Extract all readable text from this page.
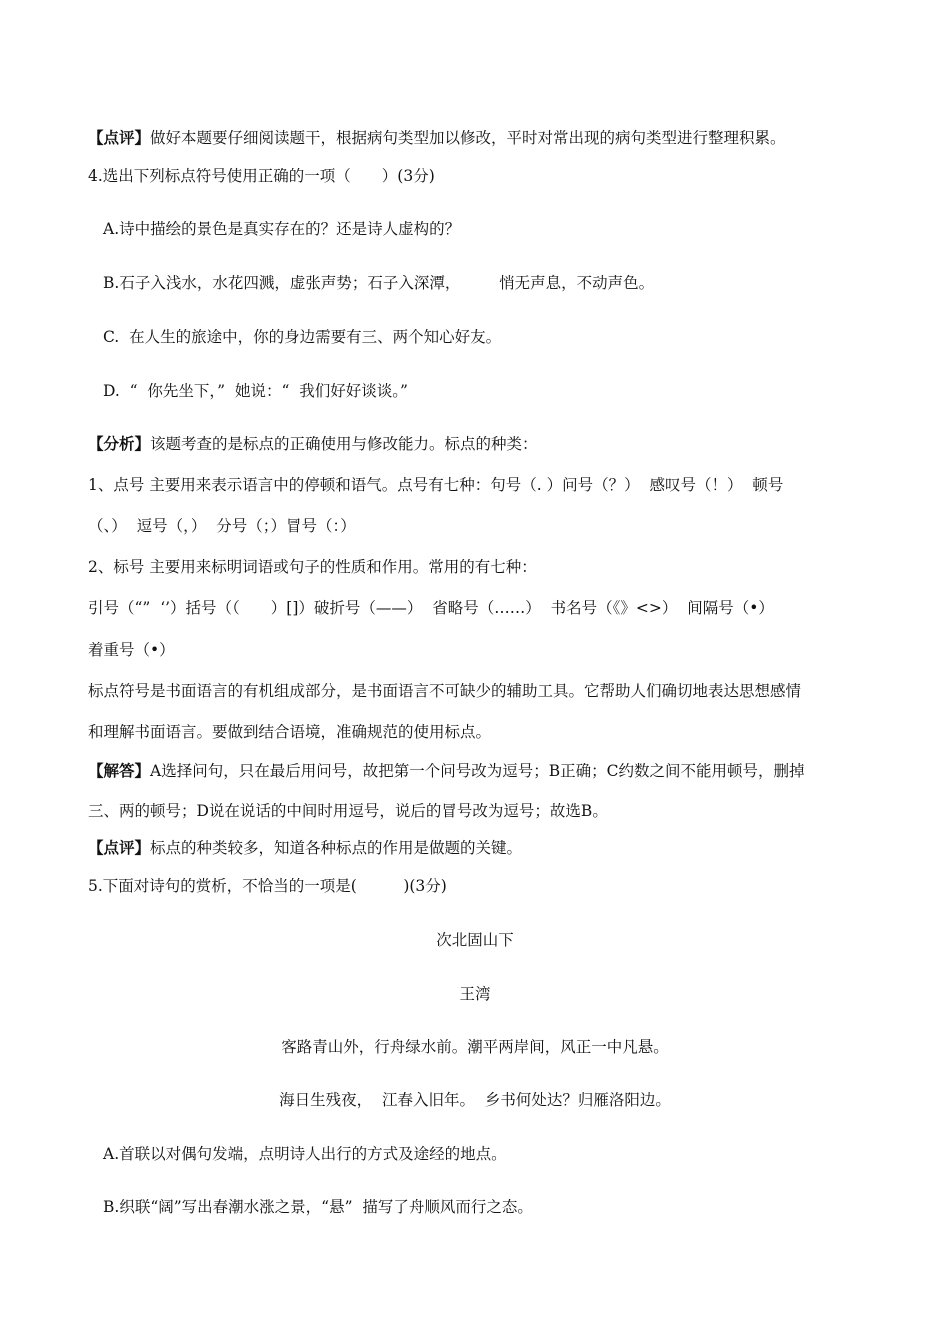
【点评】做好本题要仔细阅读题干，根据病句类型加以修改，平时对常出现的病句类型进行整理积累。
4.选出下列标点符号使用正确的一项（　　）(3分)
A.诗中描绘的景色是真实存在的？还是诗人虚构的？
B.石子入浅水，水花四溅，虚张声势；石子入深潭，　　　悄无声息，不动声色。
C.  在人生的旅途中，你的身边需要有三、两个知心好友。
D.  “  你先坐下，”  她说：“  我们好好谈谈。”
【分析】该题考查的是标点的正确使用与修改能力。标点的种类：
1、点号 主要用来表示语言中的停顿和语气。点号有七种：句号（. ）问号（？）  感叹号（！）  顿号
（、）  逗号（，）  分号（；）冒号（：）
2、标号 主要用来标明词语或句子的性质和作用。常用的有七种：
引号（“”  ‘’）括号（（　　）[]）破折号（——）  省略号（……）  书名号（《》<>）  间隔号（•）
着重号（•）
标点符号是书面语言的有机组成部分，是书面语言不可缺少的辅助工具。它帮助人们确切地表达思想感情
和理解书面语言。要做到结合语境，准确规范的使用标点。
【解答】A选择问句，只在最后用问号，故把第一个问号改为逗号；B正确；C约数之间不能用顿号，删掉
三、两的顿号；D说在说话的中间时用逗号，说后的冒号改为逗号；故选B。
【点评】标点的种类较多，知道各种标点的作用是做题的关键。
5.下面对诗句的赏析，不恰当的一项是(　　　)(3分)
次北固山下
王湾
客路青山外，行舟绿水前。潮平两岸间，风正一中凡悬。
海日生残夜，  江春入旧年。  乡书何处达？归雁洛阳边。
A.首联以对偶句发端，点明诗人出行的方式及途经的地点。
B.织联“阔”写出春潮水涨之景，“悬”  描写了舟顺风而行之态。
